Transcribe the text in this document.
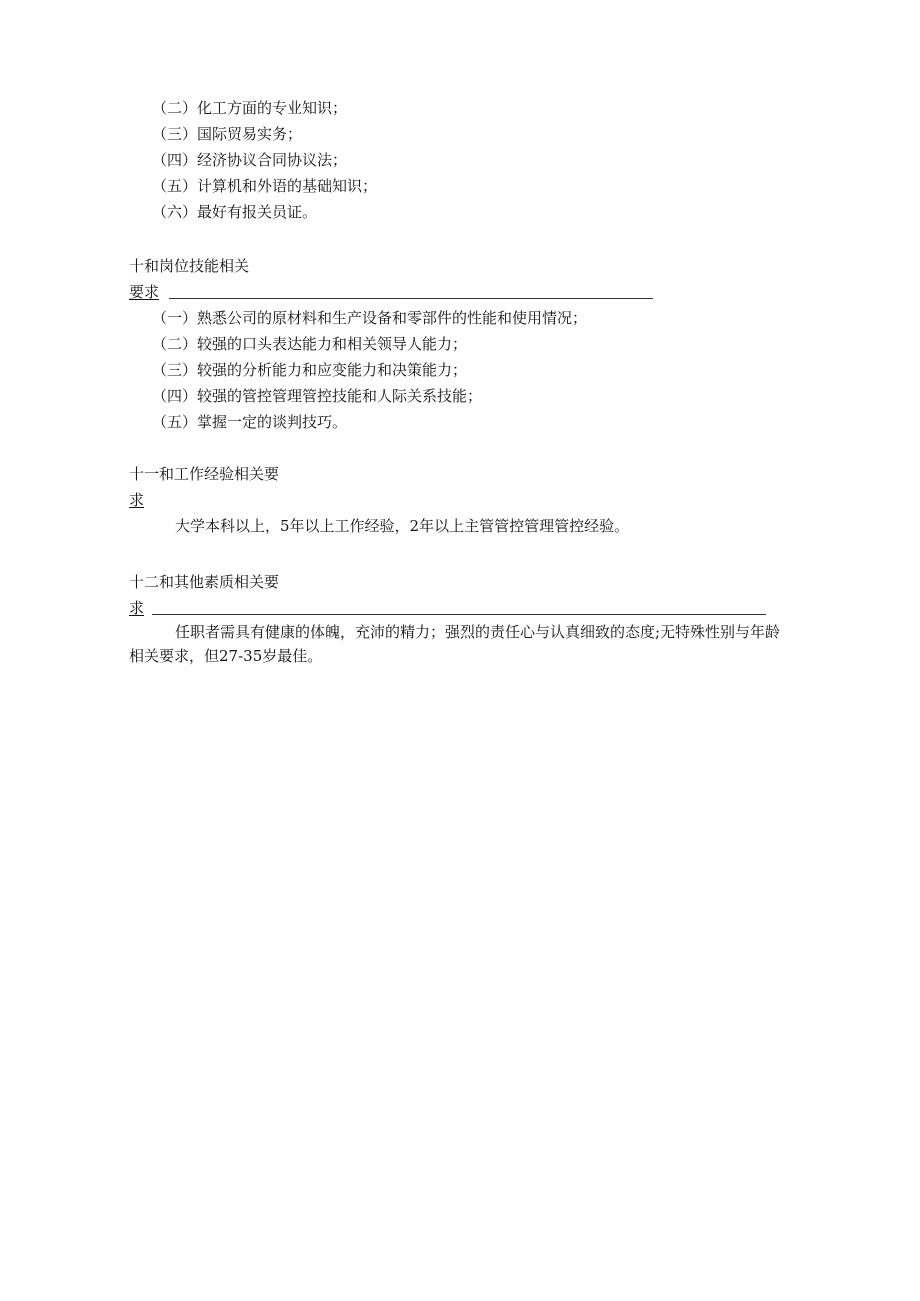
（二）化工方面的专业知识；
（三）国际贸易实务；
（四）经济协议合同协议法；
（五）计算机和外语的基础知识；
（六）最好有报关员证。
十和岗位技能相关
要求
（一）熟悉公司的原材料和生产设备和零部件的性能和使用情况；
（二）较强的口头表达能力和相关领导人能力；
（三）较强的分析能力和应变能力和决策能力；
（四）较强的管控管理管控技能和人际关系技能；
（五）掌握一定的谈判技巧。
十一和工作经验相关要
求
大学本科以上，5年以上工作经验，2年以上主管管控管理管控经验。
十二和其他素质相关要
求
任职者需具有健康的体魄，充沛的精力；强烈的责任心与认真细致的态度;无特殊性别与年龄相关要求，但27-35岁最佳。
